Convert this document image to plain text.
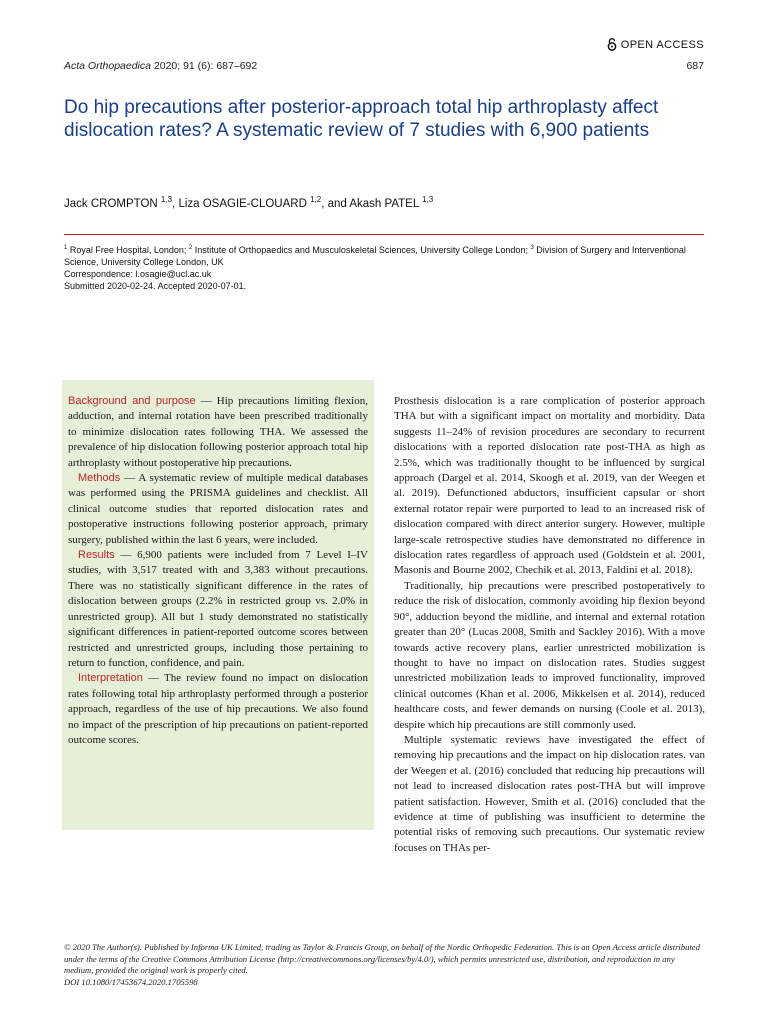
OPEN ACCESS
Acta Orthopaedica 2020; 91 (6): 687–692	687
Do hip precautions after posterior-approach total hip arthroplasty affect dislocation rates? A systematic review of 7 studies with 6,900 patients
Jack CROMPTON $^{1,3}$, Liza OSAGIE-CLOUARD $^{1,2}$, and Akash PATEL $^{1,3}$
$^1$ Royal Free Hospital, London; $^2$ Institute of Orthopaedics and Musculoskeletal Sciences, University College London; $^3$ Division of Surgery and Interventional Science, University College London, UK
Correspondence: l.osagie@ucl.ac.uk
Submitted 2020-02-24. Accepted 2020-07-01.

Background and purpose — Hip precautions limiting flexion, adduction, and internal rotation have been prescribed traditionally to minimize dislocation rates following THA. We assessed the prevalence of hip dislocation following posterior approach total hip arthroplasty without postoperative hip precautions.

Methods — A systematic review of multiple medical databases was performed using the PRISMA guidelines and checklist. All clinical outcome studies that reported dislocation rates and postoperative instructions following posterior approach, primary surgery, published within the last 6 years, were included.

Results — 6,900 patients were included from 7 Level I–IV studies, with 3,517 treated with and 3,383 without precautions. There was no statistically significant difference in the rates of dislocation between groups (2.2% in restricted group vs. 2.0% in unrestricted group). All but 1 study demonstrated no statistically significant differences in patient-reported outcome scores between restricted and unrestricted groups, including those pertaining to return to function, confidence, and pain.

Interpretation — The review found no impact on dislocation rates following total hip arthroplasty performed through a posterior approach, regardless of the use of hip precautions. We also found no impact of the prescription of hip precautions on patient-reported outcome scores.

Prosthesis dislocation is a rare complication of posterior approach THA but with a significant impact on mortality and morbidity. Data suggests 11–24% of revision procedures are secondary to recurrent dislocations with a reported dislocation rate post-THA as high as 2.5%, which was traditionally thought to be influenced by surgical approach (Dargel et al. 2014, Skoogh et al. 2019, van der Weegen et al. 2019). Defunctioned abductors, insufficient capsular or short external rotator repair were purported to lead to an increased risk of dislocation compared with direct anterior surgery. However, multiple large-scale retrospective studies have demonstrated no difference in dislocation rates regardless of approach used (Goldstein et al. 2001, Masonis and Bourne 2002, Chechik et al. 2013, Faldini et al. 2018).

Traditionally, hip precautions were prescribed postoperatively to reduce the risk of dislocation, commonly avoiding hip flexion beyond 90°, adduction beyond the midline, and internal and external rotation greater than 20° (Lucas 2008, Smith and Sackley 2016). With a move towards active recovery plans, earlier unrestricted mobilization is thought to have no impact on dislocation rates. Studies suggest unrestricted mobilization leads to improved functionality, improved clinical outcomes (Khan et al. 2006, Mikkelsen et al. 2014), reduced healthcare costs, and fewer demands on nursing (Coole et al. 2013), despite which hip precautions are still commonly used.

Multiple systematic reviews have investigated the effect of removing hip precautions and the impact on hip dislocation rates. van der Weegen et al. (2016) concluded that reducing hip precautions will not lead to increased dislocation rates post-THA but will improve patient satisfaction. However, Smith et al. (2016) concluded that the evidence at time of publishing was insufficient to determine the potential risks of removing such precautions. Our systematic review focuses on THAs per-

© 2020 The Author(s). Published by Informa UK Limited, trading as Taylor & Francis Group, on behalf of the Nordic Orthopedic Federation. This is an Open Access article distributed under the terms of the Creative Commons Attribution License (http://creativecommons.org/licenses/by/4.0/), which permits unrestricted use, distribution, and reproduction in any medium, provided the original work is properly cited.

DOI 10.1080/17453674.2020.1705598
